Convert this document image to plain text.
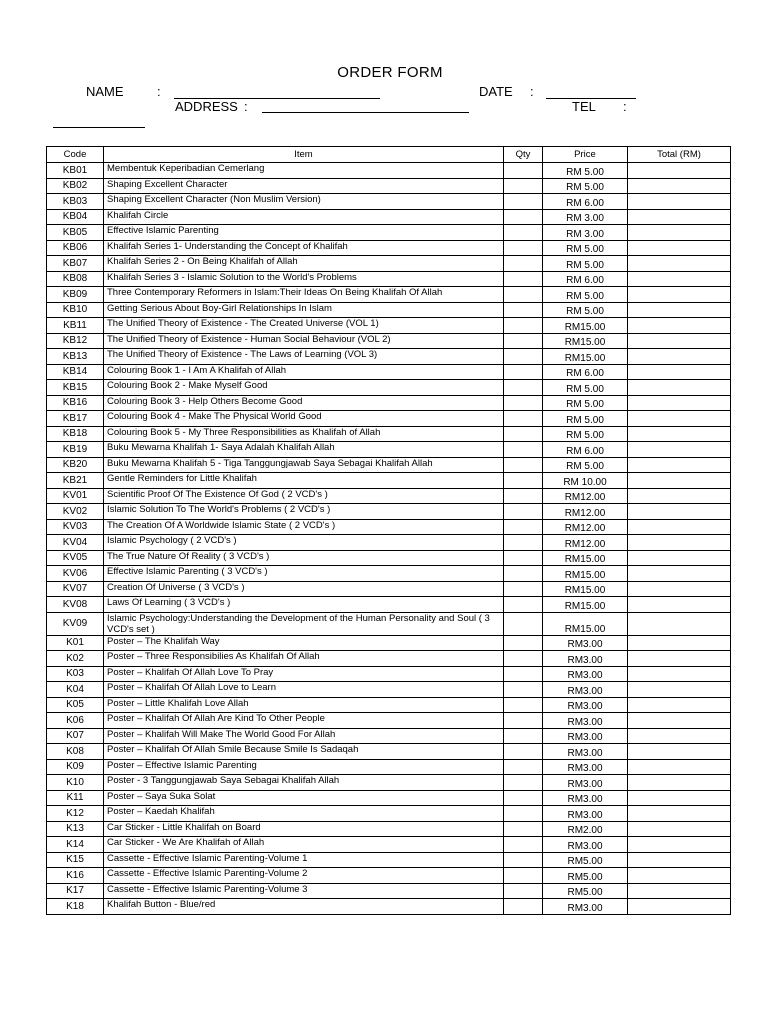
ORDER FORM
NAME	:	DATE :
ADDRESS :	TEL :
Code	Item	Qty	Price	Total (RM)
KB01	Membentuk Keperibadian Cemerlang		RM 5.00	
KB02	Shaping Excellent Character		RM 5.00	
KB03	Shaping Excellent Character (Non Muslim Version)		RM 6.00	
KB04	Khalifah Circle		RM 3.00	
KB05	Effective Islamic Parenting		RM 3.00	
KB06	Khalifah Series 1- Understanding the Concept of Khalifah		RM 5.00	
KB07	Khalifah Series 2 - On Being Khalifah of Allah		RM 5.00	
KB08	Khalifah Series 3 - Islamic Solution to the World's Problems		RM 6.00	
KB09	Three Contemporary Reformers in Islam:Their Ideas On Being Khalifah Of Allah		RM 5.00	
KB10	Getting Serious About Boy-Girl Relationships In Islam		RM 5.00	
KB11	The Unified Theory of Existence - The Created Universe (VOL 1)		RM15.00	
KB12	The Unified Theory of Existence - Human Social Behaviour (VOL 2)		RM15.00	
KB13	The Unified Theory of Existence - The Laws of Learning (VOL 3)		RM15.00	
KB14	Colouring Book 1 - I Am A Khalifah of Allah		RM 6.00	
KB15	Colouring Book 2 - Make Myself Good		RM 5.00	
KB16	Colouring Book 3 - Help Others Become Good		RM 5.00	
KB17	Colouring Book 4 - Make The Physical World Good		RM 5.00	
KB18	Colouring Book 5 - My Three Responsibilities as Khalifah of Allah		RM 5.00	
KB19	Buku Mewarna Khalifah 1- Saya Adalah Khalifah Allah		RM 6.00	
KB20	Buku Mewarna Khalifah 5 - Tiga Tanggungjawab Saya Sebagai Khalifah Allah		RM 5.00	
KB21	Gentle Reminders for Little Khalifah		RM 10.00	
KV01	Scientific Proof Of The Existence Of God ( 2 VCD's )		RM12.00	
KV02	Islamic Solution To The World's Problems ( 2 VCD's )		RM12.00	
KV03	The Creation Of A Worldwide Islamic State ( 2 VCD's )		RM12.00	
KV04	Islamic Psychology ( 2 VCD's )		RM12.00	
KV05	The True Nature Of Reality ( 3 VCD's )		RM15.00	
KV06	Effective Islamic Parenting ( 3 VCD's )		RM15.00	
KV07	Creation Of Universe ( 3 VCD's )		RM15.00	
KV08	Laws Of Learning ( 3 VCD's )		RM15.00	
KV09	Islamic Psychology:Understanding the Development of the Human Personality and Soul ( 3 VCD's set )		RM15.00	
K01	Poster – The Khalifah Way		RM3.00	
K02	Poster – Three Responsibilies As Khalifah Of Allah		RM3.00	
K03	Poster – Khalifah Of Allah Love To Pray		RM3.00	
K04	Poster – Khalifah Of Allah Love to Learn		RM3.00	
K05	Poster – Little Khalifah Love Allah		RM3.00	
K06	Poster – Khalifah Of Allah Are Kind To Other People		RM3.00	
K07	Poster – Khalifah Will Make The World Good For Allah		RM3.00	
K08	Poster – Khalifah Of Allah Smile Because Smile Is Sadaqah		RM3.00	
K09	Poster – Effective Islamic Parenting		RM3.00	
K10	Poster - 3 Tanggungjawab Saya Sebagai Khalifah Allah		RM3.00	
K11	Poster – Saya Suka Solat		RM3.00	
K12	Poster – Kaedah Khalifah		RM3.00	
K13	Car Sticker - Little Khalifah on Board		RM2.00	
K14	Car Sticker - We Are Khalifah of Allah		RM3.00	
K15	Cassette - Effective Islamic Parenting-Volume 1		RM5.00	
K16	Cassette - Effective Islamic Parenting-Volume 2		RM5.00	
K17	Cassette - Effective Islamic Parenting-Volume 3		RM5.00	
K18	Khalifah Button - Blue/red		RM3.00	
